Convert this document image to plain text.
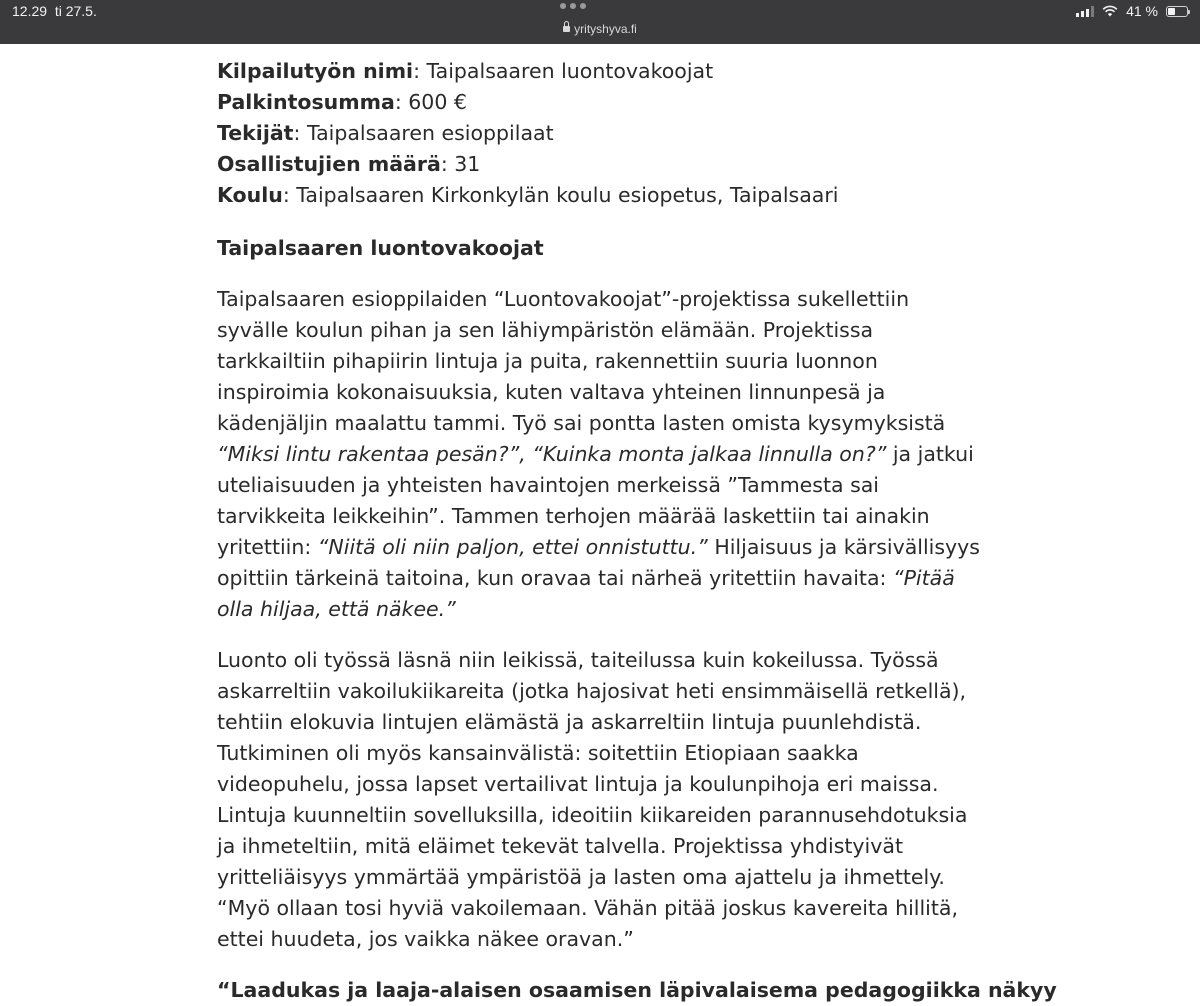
12.29 ti 27.5.
yrityshyva.fi
41 %

Kilpailutyön nimi: Taipalsaaren luontovakoojat

Palkintosumma: 600 €

Tekijät: Taipalsaaren esioppilaat

Osallistujien määrä: 31

Koulu: Taipalsaaren Kirkonkylän koulu esiopetus, Taipalsaari

Taipalsaaren luontovakoojat

Taipalsaaren esioppilaiden “Luontovakoojat”-projektissa sukellettiin syvälle koulun pihan ja sen lähiympäristön elämään. Projektissa tarkkailtiin pihapiirin lintuja ja puita, rakennettiin suuria luonnon inspiroimia kokonaisuuksia, kuten valtava yhteinen linnunpesä ja kädenjäljin maalattu tammi. Työ sai pontta lasten omista kysymyksistä “Miksi lintu rakentaa pesän?”, “Kuinka monta jalkaa linnulla on?” ja jatkui uteliaisuuden ja yhteisten havaintojen merkeissä ”Tammesta sai tarvikkeita leikkeihin”. Tammen terhojen määrää laskettiin tai ainakin yritettiin: “Niitä oli niin paljon, ettei onnistuttu.” Hiljaisuus ja kärsivällisyys opittiin tärkeinä taitoina, kun oravaa tai närheä yritettiin havaita: “Pitää olla hiljaa, että näkee.”

Luonto oli työssä läsnä niin leikissä, taiteilussa kuin kokeilussa. Työssä askarreltiin vakoilukiikareita (jotka hajosivat heti ensimmäisellä retkellä), tehtiin elokuvia lintujen elämästä ja askarreltiin lintuja puunlehdistä. Tutkiminen oli myös kansainvälistä: soitettiin Etiopiaan saakka videopuhelu, jossa lapset vertailivat lintuja ja koulunpihoja eri maissa. Lintuja kuunneltiin sovelluksilla, ideoitiin kiikareiden parannusehdotuksia ja ihmeteltiin, mitä eläimet tekevät talvella. Projektissa yhdistyivät yritteliäisyys ymmärtää ympäristöä ja lasten oma ajattelu ja ihmettely. “Myö ollaan tosi hyviä vakoilemaan. Vähän pitää joskus kavereita hillitä, ettei huudeta, jos vaikka näkee oravan.”

“Laadukas ja laaja-alaisen osaamisen läpivalaisema pedagogiikka näkyy
